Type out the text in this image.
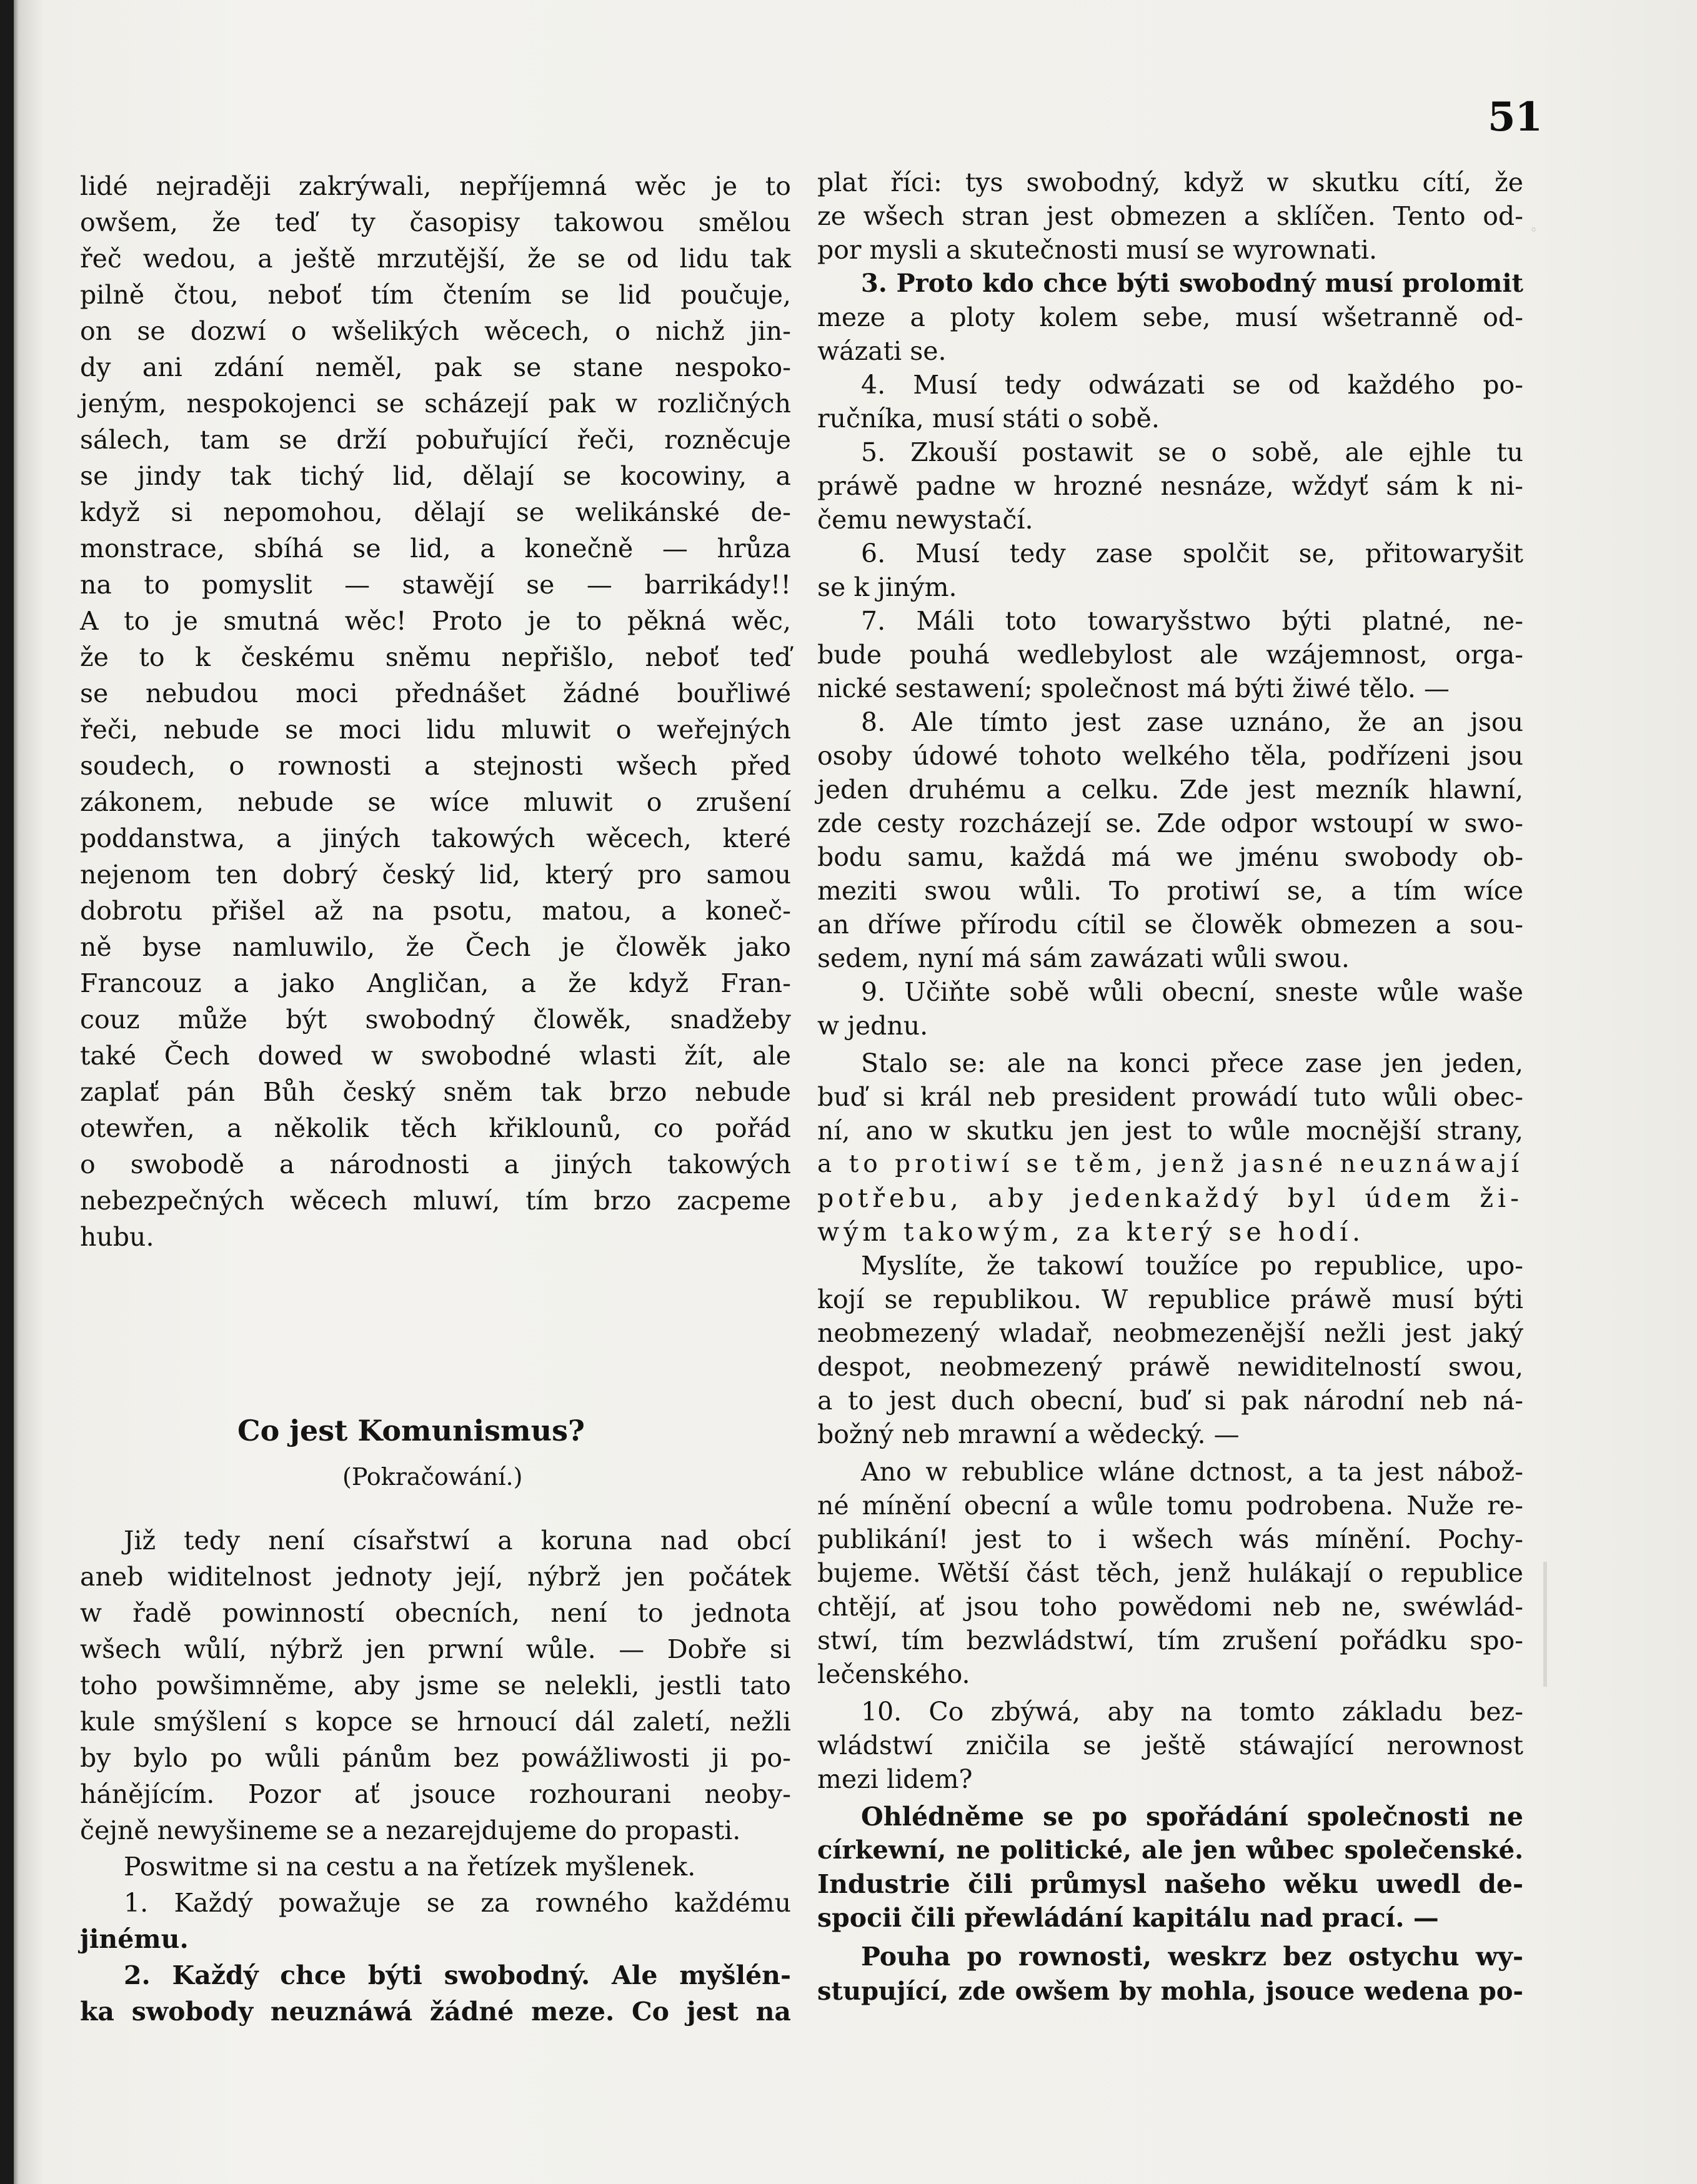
51
lidé nejraději zakrýwali, nepříjemná wěc je to
owšem, že teď ty časopisy takowou smělou
řeč wedou, a ještě mrzutější, že se od lidu tak
pilně čtou, neboť tím čtením se lid poučuje,
on se dozwí o wšelikých wěcech, o nichž jin-
dy ani zdání neměl, pak se stane nespoko-
jeným, nespokojenci se scházejí pak w rozličných
sálech, tam se drží pobuřující řeči, rozněcuje
se jindy tak tichý lid, dělají se kocowiny, a
když si nepomohou, dělají se welikánské de-
monstrace, sbíhá se lid, a konečně — hrůza
na to pomyslit — stawějí se — barrikády!!
A to je smutná wěc! Proto je to pěkná wěc,
že to k českému sněmu nepřišlo, neboť teď
se nebudou moci přednášet žádné bouřliwé
řeči, nebude se moci lidu mluwit o weřejných
soudech, o rownosti a stejnosti wšech před
zákonem, nebude se wíce mluwit o zrušení
poddanstwa, a jiných takowých wěcech, které
nejenom ten dobrý český lid, který pro samou
dobrotu přišel až na psotu, matou, a koneč-
ně bysе namluwilo, že Čech je člowěk jako
Francouz a jako Angličan, a že když Fran-
couz může být swobodný člowěk, snadžeby
také Čech dowed w swobodné wlasti žít, ale
zaplať pán Bůh český sněm tak brzo nebude
otewřen, a několik těch křiklounů, co pořád
o swobodě a národnosti a jiných takowých
nebezpečných wěcech mluwí, tím brzo zacpeme
hubu.
Co jest Komunismus?
(Pokračowání.)
Již tedy není císařstwí a koruna nad obcí
aneb widitelnost jednoty její, nýbrž jen počátek
w řadě powinností obecních, není to jednota
wšech wůlí, nýbrž jen prwní wůle. — Dobře si
toho powšimněme, aby jsme se nelekli, jestli tato
kule smýšlení s kopce se hrnoucí dál zaletí, nežli
by bylo po wůli pánům bez powážliwosti ji po-
háněјícím. Pozor ať jsouce rozhourani neoby-
čejně newyšineme se a nezarejdujeme do propasti.
Poswitme si na cestu a na řetízek myšlenek.
1. Každý powažuje se za rowného každému
jinému.
2. Každý chce býti swobodný. Ale myšlén-
ka swobody neuznáwá žádné meze. Co jest na
plat říci: tys swobodný, když w skutku cítí, že
ze wšech stran jest obmezen a sklíčen. Tento od-
por mysli a skutečnosti musí se wyrownati.
3. Proto kdo chce býti swobodný musí prolomit
meze a ploty kolem sebe, musí wšetranně od-
wázati se.
4. Musí tedy odwázati se od každého po-
ručníka, musí státi o sobě.
5. Zkouší postawit se o sobě, ale ejhle tu
práwě padne w hrozné nesnáze, wždyť sám k ni-
čemu newystačí.
6. Musí tedy zase spolčit se, přitowaryšit
se k jiným.
7. Máli toto towaryšstwo býti platné, ne-
bude pouhá wedlebylost ale wzájemnost, orga-
nické sestawení; společnost má býti žiwé tělo. —
8. Ale tímto jest zase uznáno, že an jsou
osoby údowé tohoto welkého těla, podřízeni jsou
jeden druhému a celku. Zde jest mezník hlawní,
zde cesty rozcházejí se. Zde odpor wstoupí w swo-
bodu samu, každá má we jménu swobody ob-
meziti swou wůli. To protiwí se, a tím wíce
an dříwe přírodu cítil se člowěk obmezen a sou-
sedem, nyní má sám zawázati wůli swou.
9. Učiňte sobě wůli obecní, sneste wůle waše
w jednu.
Stalo se: ale na konci přece zase jen jeden,
buď si král neb president prowádí tuto wůli obec-
ní, ano w skutku jen jest to wůle mocnější strany,
a to protiwí se těm, jenž jasné neuznáwají
potřebu, aby jedenkaždý byl údem ži-
wým takowým, za který se hodí.
Myslíte, že takowí toužíce po republice, upo-
kojí se republikou. W republice práwě musí býti
neobmezený wladař, neobmezenější nežli jest jaký
despot, neobmezený práwě newiditelností swou,
a to jest duch obecní, buď si pak národní neb ná-
božný neb mrawní a wědecký. —
Ano w rebublice wláne dctnost, a ta jest nábož-
né mínění obecní a wůle tomu podrobena. Nuže re-
publikání! jest to i wšech wás mínění. Pochy-
bujeme. Wětší část těch, jenž hulákají o republice
chtějí, ať jsou toho powědomi neb ne, swéwlád-
stwí, tím bezwládstwí, tím zrušení pořádku spo-
lečenského.
10. Co zbýwá, aby na tomto základu bez-
wládstwí zničila se ještě stáwající nerownost
mezi lidem?
Ohlédněme se po spořádání společnosti ne
církewní, ne politické, ale jen wůbec společenské.
Industrie čili průmysl našeho wěku uwedl de-
spocii čili přewládání kapitálu nad prací. —
Pouha po rownosti, weskrz bez ostychu wy-
stupující, zde owšem by mohla, jsouce wedena po-
ﾟ
